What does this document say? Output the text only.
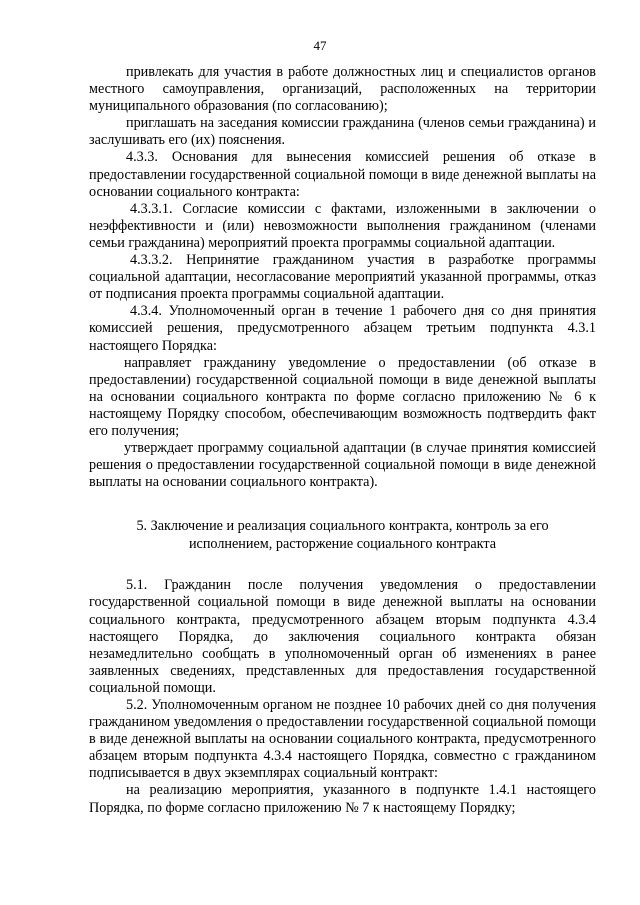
47

привлекать для участия в работе должностных лиц и специалистов органов местного самоуправления, организаций, расположенных на территории муниципального образования (по согласованию);

приглашать на заседания комиссии гражданина (членов семьи гражданина) и заслушивать его (их) пояснения.

4.3.3. Основания для вынесения комиссией решения об отказе в предоставлении государственной социальной помощи в виде денежной выплаты на основании социального контракта:

4.3.3.1. Согласие комиссии с фактами, изложенными в заключении о неэффективности и (или) невозможности выполнения гражданином (членами семьи гражданина) мероприятий проекта программы социальной адаптации.

4.3.3.2. Непринятие гражданином участия в разработке программы социальной адаптации, несогласование мероприятий указанной программы, отказ от подписания проекта программы социальной адаптации.

4.3.4. Уполномоченный орган в течение 1 рабочего дня со дня принятия комиссией решения, предусмотренного абзацем третьим подпункта 4.3.1 настоящего Порядка:

направляет гражданину уведомление о предоставлении (об отказе в предоставлении) государственной социальной помощи в виде денежной выплаты на основании социального контракта по форме согласно приложению № 6 к настоящему Порядку способом, обеспечивающим возможность подтвердить факт его получения;

утверждает программу социальной адаптации (в случае принятия комиссией решения о предоставлении государственной социальной помощи в виде денежной выплаты на основании социального контракта).

5. Заключение и реализация социального контракта, контроль за его
исполнением, расторжение социального контракта

5.1. Гражданин после получения уведомления о предоставлении государственной социальной помощи в виде денежной выплаты на основании социального контракта, предусмотренного абзацем вторым подпункта 4.3.4 настоящего Порядка, до заключения социального контракта обязан незамедлительно сообщать в уполномоченный орган об изменениях в ранее заявленных сведениях, представленных для предоставления государственной социальной помощи.

5.2. Уполномоченным органом не позднее 10 рабочих дней со дня получения гражданином уведомления о предоставлении государственной социальной помощи в виде денежной выплаты на основании социального контракта, предусмотренного абзацем вторым подпункта 4.3.4 настоящего Порядка, совместно с гражданином подписывается в двух экземплярах социальный контракт:

на реализацию мероприятия, указанного в подпункте 1.4.1 настоящего Порядка, по форме согласно приложению № 7 к настоящему Порядку;
